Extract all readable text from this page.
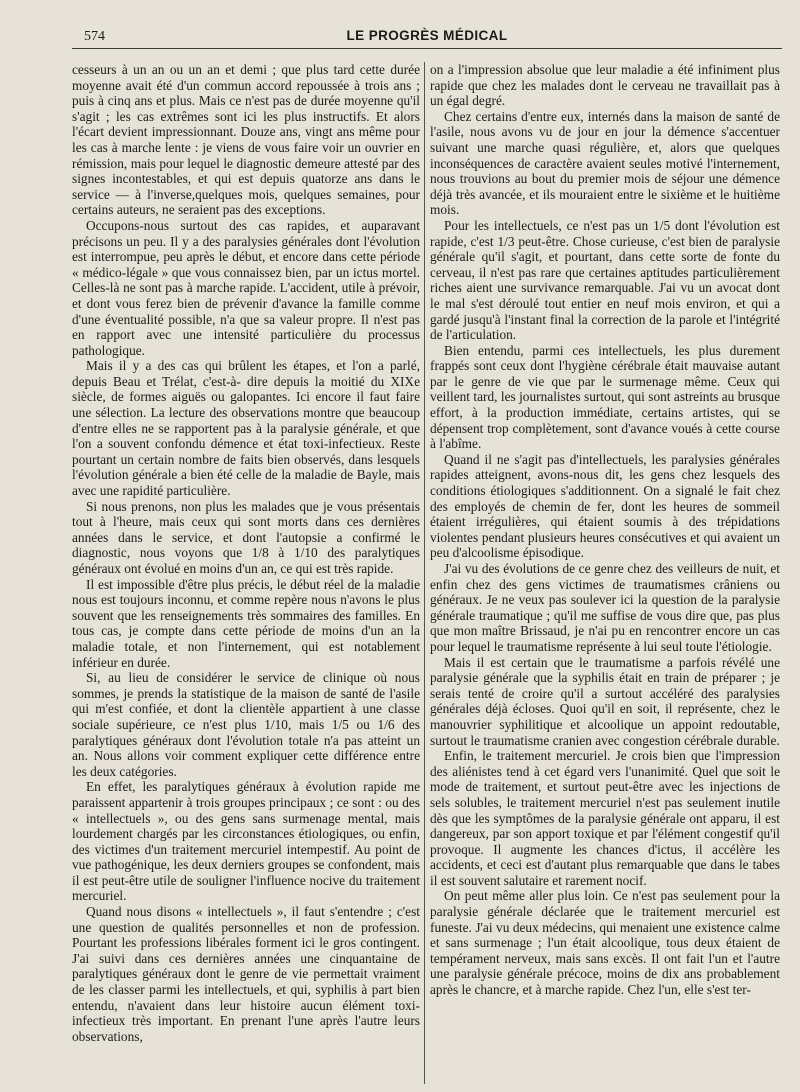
574	LE PROGRÈS MÉDICAL

cesseurs à un an ou un an et demi ; que plus tard cette durée moyenne avait été d'un commun accord repoussée à trois ans ; puis à cinq ans et plus. Mais ce n'est pas de durée moyenne qu'il s'agit ; les cas extrêmes sont ici les plus instructifs. Et alors l'écart devient impressionnant. Douze ans, vingt ans même pour les cas à marche lente : je viens de vous faire voir un ouvrier en rémission, mais pour lequel le diagnostic demeure attesté par des signes incontestables, et qui est depuis quatorze ans dans le service — à l'inverse,quelques mois, quelques semaines, pour certains auteurs, ne seraient pas des exceptions.

Occupons-nous surtout des cas rapides, et auparavant précisons un peu. Il y a des paralysies générales dont l'évolution est interrompue, peu après le début, et encore dans cette période « médico-légale » que vous connaissez bien, par un ictus mortel. Celles-là ne sont pas à marche rapide. L'accident, utile à prévoir, et dont vous ferez bien de prévenir d'avance la famille comme d'une éventualité possible, n'a que sa valeur propre. Il n'est pas en rapport avec une intensité particulière du processus pathologique.

Mais il y a des cas qui brûlent les étapes, et l'on a parlé, depuis Beau et Trélat, c'est-à- dire depuis la moitié du XIXe siècle, de formes aiguës ou galopantes. Ici encore il faut faire une sélection. La lecture des observations montre que beaucoup d'entre elles ne se rapportent pas à la paralysie générale, et que l'on a souvent confondu démence et état toxi-infectieux. Reste pourtant un certain nombre de faits bien observés, dans lesquels l'évolution générale a bien été celle de la maladie de Bayle, mais avec une rapidité particulière.

Si nous prenons, non plus les malades que je vous présentais tout à l'heure, mais ceux qui sont morts dans ces dernières années dans le service, et dont l'autopsie a confirmé le diagnostic, nous voyons que 1/8 à 1/10 des paralytiques généraux ont évolué en moins d'un an, ce qui est très rapide.

Il est impossible d'être plus précis, le début réel de la maladie nous est toujours inconnu, et comme repère nous n'avons le plus souvent que les renseignements très sommaires des familles. En tous cas, je compte dans cette période de moins d'un an la maladie totale, et non l'internement, qui est notablement inférieur en durée.

Si, au lieu de considérer le service de clinique où nous sommes, je prends la statistique de la maison de santé de l'asile qui m'est confiée, et dont la clientèle appartient à une classe sociale supérieure, ce n'est plus 1/10, mais 1/5 ou 1/6 des paralytiques généraux dont l'évolution totale n'a pas atteint un an. Nous allons voir comment expliquer cette différence entre les deux catégories.

En effet, les paralytiques généraux à évolution rapide me paraissent appartenir à trois groupes principaux ; ce sont : ou des « intellectuels », ou des gens sans surmenage mental, mais lourdement chargés par les circonstances étiologiques, ou enfin, des victimes d'un traitement mercuriel intempestif. Au point de vue pathogénique, les deux derniers groupes se confondent, mais il est peut-être utile de souligner l'influence nocive du traitement mercuriel.

Quand nous disons « intellectuels », il faut s'entendre ; c'est une question de qualités personnelles et non de profession. Pourtant les professions libérales forment ici le gros contingent. J'ai suivi dans ces dernières années une cinquantaine de paralytiques généraux dont le genre de vie permettait vraiment de les classer parmi les intellectuels, et qui, syphilis à part bien entendu, n'avaient dans leur histoire aucun élément toxi-infectieux très important. En prenant l'une après l'autre leurs observations,

on a l'impression absolue que leur maladie a été infiniment plus rapide que chez les malades dont le cerveau ne travaillait pas à un égal degré.

Chez certains d'entre eux, internés dans la maison de santé de l'asile, nous avons vu de jour en jour la démence s'accentuer suivant une marche quasi régulière, et, alors que quelques inconséquences de caractère avaient seules motivé l'internement, nous trouvions au bout du premier mois de séjour une démence déjà très avancée, et ils mouraient entre le sixième et le huitième mois.

Pour les intellectuels, ce n'est pas un 1/5 dont l'évolution est rapide, c'est 1/3 peut-être. Chose curieuse, c'est bien de paralysie générale qu'il s'agit, et pourtant, dans cette sorte de fonte du cerveau, il n'est pas rare que certaines aptitudes particulièrement riches aient une survivance remarquable. J'ai vu un avocat dont le mal s'est déroulé tout entier en neuf mois environ, et qui a gardé jusqu'à l'instant final la correction de la parole et l'intégrité de l'articulation.

Bien entendu, parmi ces intellectuels, les plus durement frappés sont ceux dont l'hygiène cérébrale était mauvaise autant par le genre de vie que par le surmenage même. Ceux qui veillent tard, les journalistes surtout, qui sont astreints au brusque effort, à la production immédiate, certains artistes, qui se dépensent trop complètement, sont d'avance voués à cette course à l'abîme.

Quand il ne s'agit pas d'intellectuels, les paralysies générales rapides atteignent, avons-nous dit, les gens chez lesquels des conditions étiologiques s'additionnent. On a signalé le fait chez des employés de chemin de fer, dont les heures de sommeil étaient irrégulières, qui étaient soumis à des trépidations violentes pendant plusieurs heures consécutives et qui avaient un peu d'alcoolisme épisodique.

J'ai vu des évolutions de ce genre chez des veilleurs de nuit, et enfin chez des gens victimes de traumatismes crâniens ou généraux. Je ne veux pas soulever ici la question de la paralysie générale traumatique ; qu'il me suffise de vous dire que, pas plus que mon maître Brissaud, je n'ai pu en rencontrer encore un cas pour lequel le traumatisme représente à lui seul toute l'étiologie.

Mais il est certain que le traumatisme a parfois révélé une paralysie générale que la syphilis était en train de préparer ; je serais tenté de croire qu'il a surtout accéléré des paralysies générales déjà écloses. Quoi qu'il en soit, il représente, chez le manouvrier syphilitique et alcoolique un appoint redoutable, surtout le traumatisme cranien avec congestion cérébrale durable.

Enfin, le traitement mercuriel. Je crois bien que l'impression des aliénistes tend à cet égard vers l'unanimité. Quel que soit le mode de traitement, et surtout peut-être avec les injections de sels solubles, le traitement mercuriel n'est pas seulement inutile dès que les symptômes de la paralysie générale ont apparu, il est dangereux, par son apport toxique et par l'élément congestif qu'il provoque. Il augmente les chances d'ictus, il accélère les accidents, et ceci est d'autant plus remarquable que dans le tabes il est souvent salutaire et rarement nocif.

On peut même aller plus loin. Ce n'est pas seulement pour la paralysie générale déclarée que le traitement mercuriel est funeste. J'ai vu deux médecins, qui menaient une existence calme et sans surmenage ; l'un était alcoolique, tous deux étaient de tempérament nerveux, mais sans excès. Il ont fait l'un et l'autre une paralysie générale précoce, moins de dix ans probablement après le chancre, et à marche rapide. Chez l'un, elle s'est ter-
